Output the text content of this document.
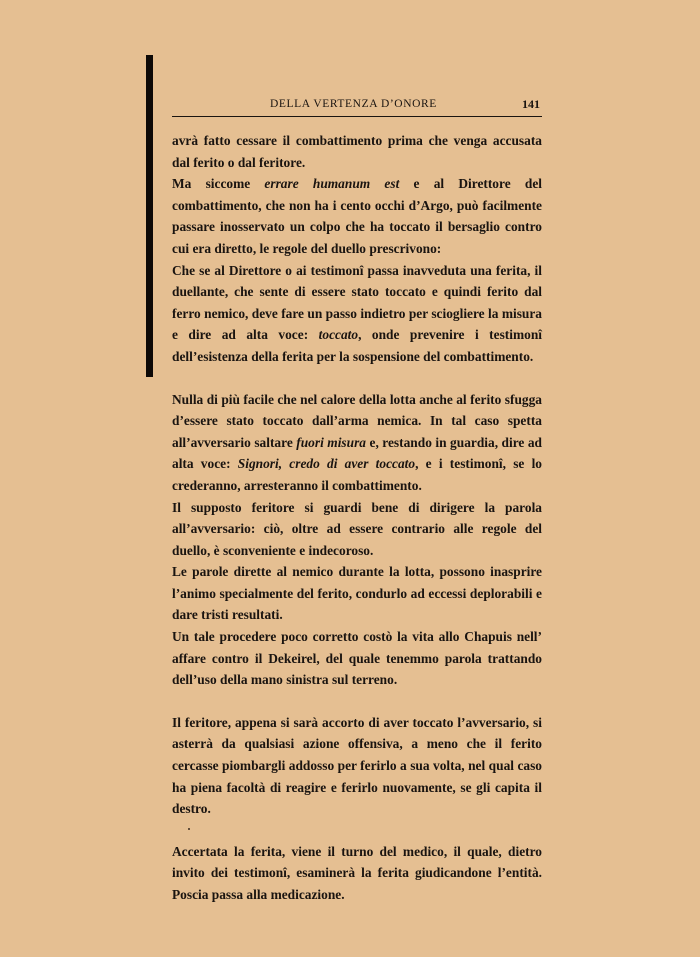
DELLA VERTENZA D’ONORE	141

avrà fatto cessare il combattimento prima che venga accusata dal ferito o dal feritore.

Ma siccome errare humanum est e al Direttore del combattimento, che non ha i cento occhi d’Argo, può facilmente passare inosservato un colpo che ha toccato il bersaglio contro cui era diretto, le regole del duello prescrivono:

Che se al Direttore o ai testimonî passa inavveduta una ferita, il duellante, che sente di essere stato toccato e quindi ferito dal ferro nemico, deve fare un passo indietro per sciogliere la misura e dire ad alta voce: toccato, onde prevenire i testimonî dell’esistenza della ferita per la sospensione del combattimento.

Nulla di più facile che nel calore della lotta anche al ferito sfugga d’essere stato toccato dall’arma nemica. In tal caso spetta all’avversario saltare fuori misura e, restando in guardia, dire ad alta voce: Signori, credo di aver toccato, e i testimonî, se lo crederanno, arresteranno il combattimento.

Il supposto feritore si guardi bene di dirigere la parola all’avversario: ciò, oltre ad essere contrario alle regole del duello, è sconveniente e indecoroso.

Le parole dirette al nemico durante la lotta, possono inasprire l’animo specialmente del ferito, condurlo ad eccessi deplorabili e dare tristi resultati.

Un tale procedere poco corretto costò la vita allo Chapuis nell’ affare contro il Dekeirel, del quale tenemmo parola trattando dell’uso della mano sinistra sul terreno.

Il feritore, appena si sarà accorto di aver toccato l’avversario, si asterrà da qualsiasi azione offensiva, a meno che il ferito cercasse piombargli addosso per ferirlo a sua volta, nel qual caso ha piena facoltà di reagire e ferirlo nuovamente, se gli capita il destro.

Accertata la ferita, viene il turno del medico, il quale, dietro invito dei testimonî, esaminerà la ferita giudicandone l’entità. Poscia passa alla medicazione.
